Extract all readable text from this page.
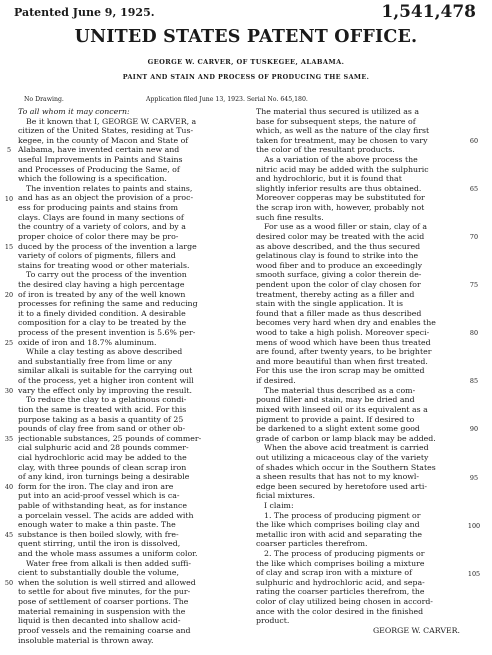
Patented June 9, 1925.	1,541,478
UNITED STATES PATENT OFFICE.
GEORGE W. CARVER, OF TUSKEGEE, ALABAMA.
PAINT AND STAIN AND PROCESS OF PRODUCING THE SAME.
No Drawing.	Application filed June 13, 1923. Serial No. 645,180.
To all whom it may concern:
Be it known that I, GEORGE W. CARVER, a
citizen of the United States, residing at Tus-
kegee, in the county of Macon and State of
Alabama, have invented certain new and
useful Improvements in Paints and Stains
and Processes of Producing the Same, of
which the following is a specification.
The invention relates to paints and stains,
and has as an object the provision of a proc-
ess for producing paints and stains from
clays. Clays are found in many sections of
the country of a variety of colors, and by a
proper choice of color there may be pro-
duced by the process of the invention a large
variety of colors of pigments, fillers and
stains for treating wood or other materials.
To carry out the process of the invention
the desired clay having a high percentage
of iron is treated by any of the well known
processes for refining the same and reducing
it to a finely divided condition. A desirable
composition for a clay to be treated by the
process of the present invention is 5.6% per-
oxide of iron and 18.7% aluminum.
While a clay testing as above described
and substantially free from lime or any
similar alkali is suitable for the carrying out
of the process, yet a higher iron content will
vary the effect only by improving the result.
To reduce the clay to a gelatinous condi-
tion the same is treated with acid. For this
purpose taking as a basis a quantity of 25
pounds of clay free from sand or other ob-
jectionable substances, 25 pounds of commer-
cial sulphuric acid and 28 pounds commer-
cial hydrochloric acid may be added to the
clay, with three pounds of clean scrap iron
of any kind, iron turnings being a desirable
form for the iron. The clay and iron are
put into an acid-proof vessel which is ca-
pable of withstanding heat, as for instance
a porcelain vessel. The acids are added with
enough water to make a thin paste. The
substance is then boiled slowly, with fre-
quent stirring, until the iron is dissolved,
and the whole mass assumes a uniform color.
Water free from alkali is then added suffi-
cient to substantially double the volume,
when the solution is well stirred and allowed
to settle for about five minutes, for the pur-
pose of settlement of coarser portions. The
material remaining in suspension with the
liquid is then decanted into shallow acid-
proof vessels and the remaining coarse and
insoluble material is thrown away.
The material thus secured is utilized as a
base for subsequent steps, the nature of
which, as well as the nature of the clay first
taken for treatment, may be chosen to vary
the color of the resultant products.
As a variation of the above process the
nitric acid may be added with the sulphuric
and hydrochloric, but it is found that
slightly inferior results are thus obtained.
Moreover copperas may be substituted for
the scrap iron with, however, probably not
such fine results.
For use as a wood filler or stain, clay of a
desired color may be treated with the acid
as above described, and the thus secured
gelatinous clay is found to strike into the
wood fiber and to produce an exceedingly
smooth surface, giving a color therein de-
pendent upon the color of clay chosen for
treatment, thereby acting as a filler and
stain with the single application. It is
found that a filler made as thus described
becomes very hard when dry and enables the
wood to take a high polish. Moreover speci-
mens of wood which have been thus treated
are found, after twenty years, to be brighter
and more beautiful than when first treated.
For this use the iron scrap may be omitted
if desired.
The material thus described as a com-
pound filler and stain, may be dried and
mixed with linseed oil or its equivalent as a
pigment to provide a paint. If desired to
be darkened to a slight extent some good
grade of carbon or lamp black may be added.
When the above acid treatment is carried
out utilizing a micaceous clay of the variety
of shades which occur in the Southern States
a sheen results that has not to my knowl-
edge been secured by heretofore used arti-
ficial mixtures.
I claim:
1. The process of producing pigment or
the like which comprises boiling clay and
metallic iron with acid and separating the
coarser particles therefrom.
2. The process of producing pigments or
the like which comprises boiling a mixture
of clay and scrap iron with a mixture of
sulphuric and hydrochloric acid, and sepa-
rating the coarser particles therefrom, the
color of clay utilized being chosen in accord-
ance with the color desired in the finished
product.
GEORGE W. CARVER.
5
10
15
20
25
30
35
40
45
50
60
65
70
75
80
85
90
95
100
105
